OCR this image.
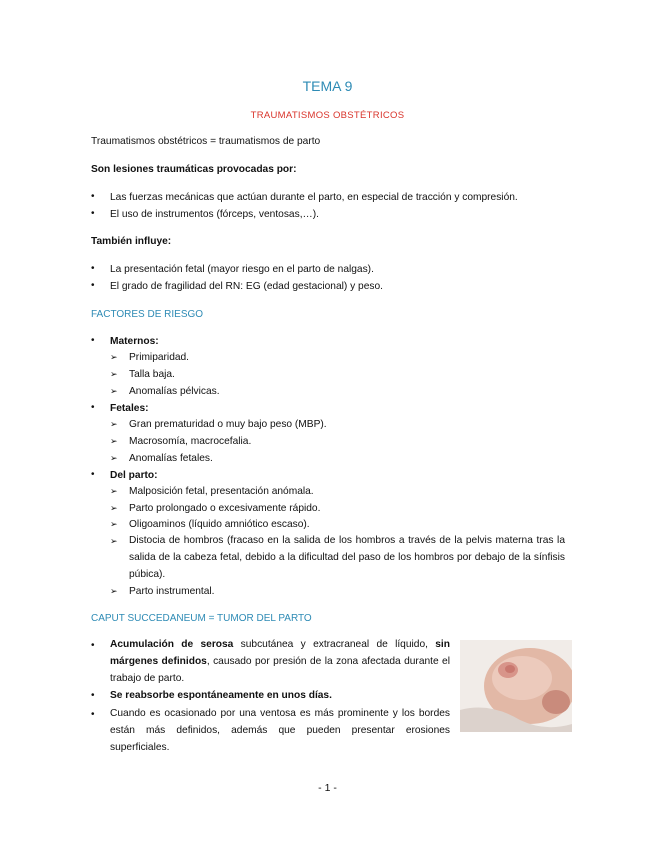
TEMA 9
TRAUMATISMOS OBSTÉTRICOS
Traumatismos obstétricos = traumatismos de parto
Son lesiones traumáticas provocadas por:
•	Las fuerzas mecánicas que actúan durante el parto, en especial de tracción y compresión.
•	El uso de instrumentos (fórceps, ventosas,…).
También influye:
•	La presentación fetal (mayor riesgo en el parto de nalgas).
•	El grado de fragilidad del RN: EG (edad gestacional) y peso.
FACTORES DE RIESGO
•	Maternos:
➢ Primiparidad.
➢ Talla baja.
➢ Anomalías pélvicas.
•	Fetales:
➢ Gran prematuridad o muy bajo peso (MBP).
➢ Macrosomía, macrocefalia.
➢ Anomalías fetales.
•	Del parto:
➢ Malposición fetal, presentación anómala.
➢ Parto prolongado o excesivamente rápido.
➢ Oligoaminos (líquido amniótico escaso).
➢ Distocia de hombros (fracaso en la salida de los hombros a través de la pelvis materna tras la salida de la cabeza fetal, debido a la dificultad del paso de los hombros por debajo de la sínfisis púbica).
➢ Parto instrumental.
CAPUT SUCCEDANEUM = TUMOR DEL PARTO
•	Acumulación de serosa subcutánea y extracraneal de líquido, sin márgenes definidos, causado por presión de la zona afectada durante el trabajo de parto.
•	Se reabsorbe espontáneamente en unos días.
•	Cuando es ocasionado por una ventosa es más prominente y los bordes están más definidos, además que pueden presentar erosiones superficiales.
- 1 -
